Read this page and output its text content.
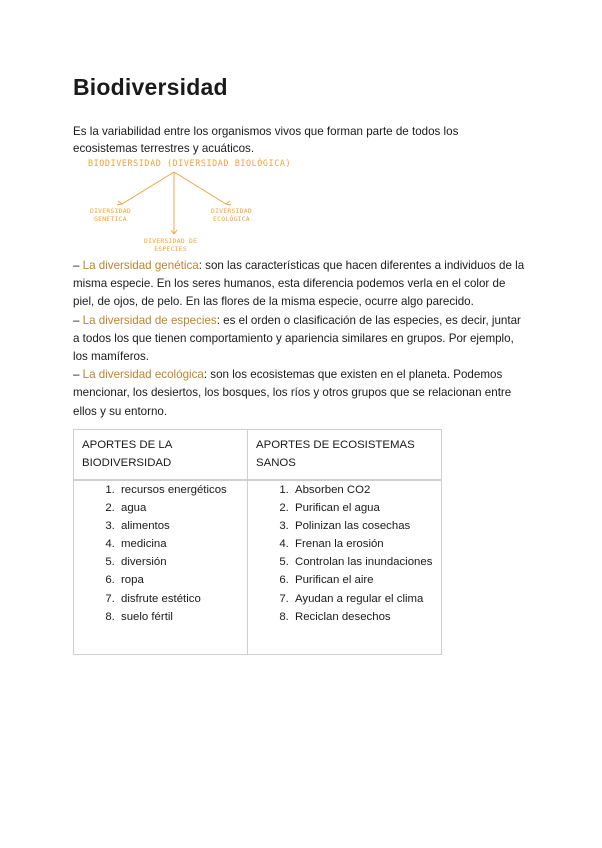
Biodiversidad

Es la variabilidad entre los organismos vivos que forman parte de todos los ecosistemas terrestres y acuáticos.

BIODIVERSIDAD (DIVERSIDAD BIOLÓGICA)
DIVERSIDAD
GENÉTICA
DIVERSIDAD DE
ESPECIES
DIVERSIDAD
ECOLÓGICA

– La diversidad genética: son las características que hacen diferentes a individuos de la misma especie. En los seres humanos, esta diferencia podemos verla en el color de piel, de ojos, de pelo. En las flores de la misma especie, ocurre algo parecido.

– La diversidad de especies: es el orden o clasificación de las especies, es decir, juntar a todos los que tienen comportamiento y apariencia similares en grupos. Por ejemplo, los mamíferos.

– La diversidad ecológica: son los ecosistemas que existen en el planeta. Podemos mencionar, los desiertos, los bosques, los ríos y otros grupos que se relacionan entre ellos y su entorno.

APORTES DE LA BIODIVERSIDAD
APORTES DE ECOSISTEMAS SANOS
1. recursos energéticos
2. agua
3. alimentos
4. medicina
5. diversión
6. ropa
7. disfrute estético
8. suelo fértil
1. Absorben CO2
2. Purifican el agua
3. Polinizan las cosechas
4. Frenan la erosión
5. Controlan las inundaciones
6. Purifican el aire
7. Ayudan a regular el clima
8. Reciclan desechos
